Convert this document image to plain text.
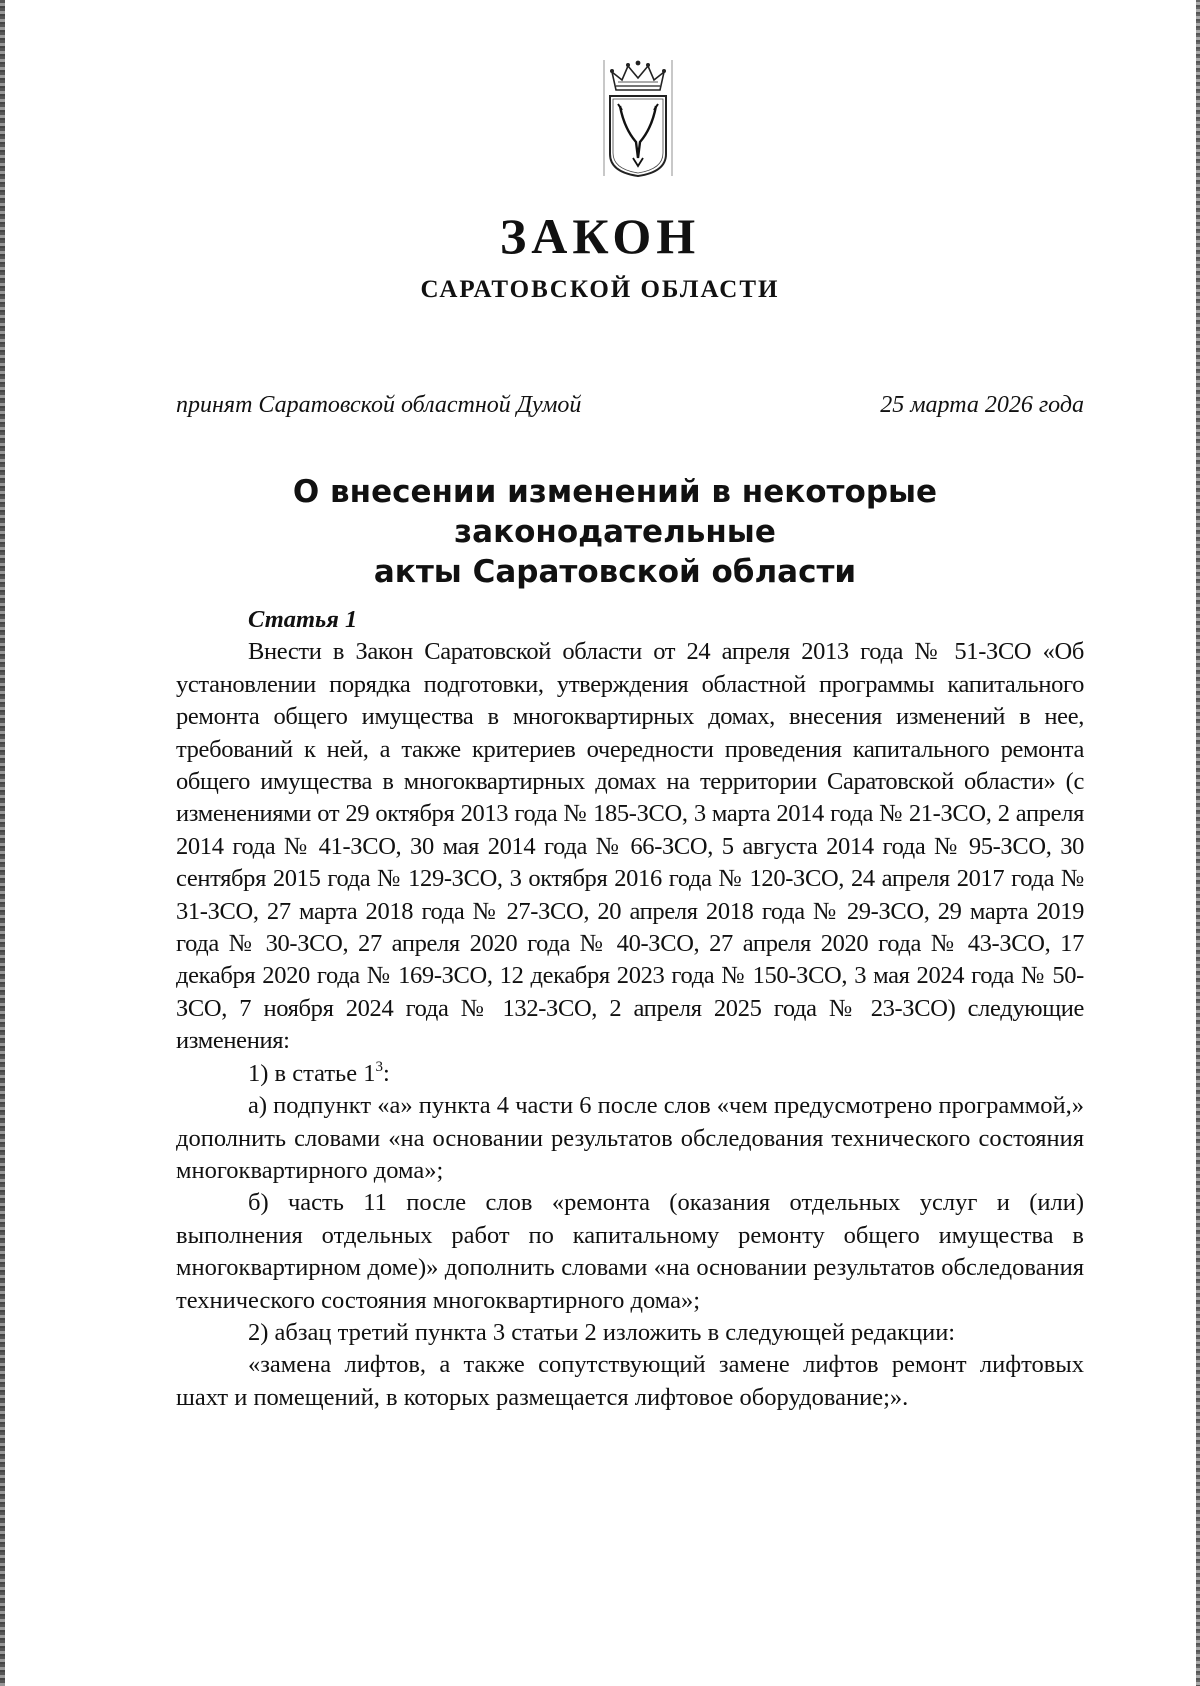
ЗАКОН
САРАТОВСКОЙ ОБЛАСТИ
принят Саратовской областной Думой	25 марта 2026 года
О внесении изменений в некоторые законодательные
акты Саратовской области

Статья 1

Внести в Закон Саратовской области от 24 апреля 2013 года № 51-ЗСО «Об установлении порядка подготовки, утверждения областной программы капитального ремонта общего имущества в многоквартирных домах, внесения изменений в нее, требований к ней, а также критериев очередности проведения капитального ремонта общего имущества в многоквартирных домах на территории Саратовской области» (с изменениями от 29 октября 2013 года № 185-ЗСО, 3 марта 2014 года № 21-ЗСО, 2 апреля 2014 года № 41-ЗСО, 30 мая 2014 года № 66-ЗСО, 5 августа 2014 года № 95-ЗСО, 30 сентября 2015 года № 129-ЗСО, 3 октября 2016 года № 120-ЗСО, 24 апреля 2017 года № 31-ЗСО, 27 марта 2018 года № 27-ЗСО, 20 апреля 2018 года № 29-ЗСО, 29 марта 2019 года № 30-ЗСО, 27 апреля 2020 года № 40-ЗСО, 27 апреля 2020 года № 43-ЗСО, 17 декабря 2020 года № 169-ЗСО, 12 декабря 2023 года № 150-ЗСО, 3 мая 2024 года № 50-ЗСО, 7 ноября 2024 года № 132-ЗСО, 2 апреля 2025 года № 23-ЗСО) следующие изменения:

1) в статье $1^3$:

а) подпункт «а» пункта 4 части 6 после слов «чем предусмотрено программой,» дополнить словами «на основании результатов обследования технического состояния многоквартирного дома»;

б) часть 11 после слов «ремонта (оказания отдельных услуг и (или) выполнения отдельных работ по капитальному ремонту общего имущества в многоквартирном доме)» дополнить словами «на основании результатов обследования технического состояния многоквартирного дома»;

2) абзац третий пункта 3 статьи 2 изложить в следующей редакции:

«замена лифтов, а также сопутствующий замене лифтов ремонт лифтовых шахт и помещений, в которых размещается лифтовое оборудование;».
